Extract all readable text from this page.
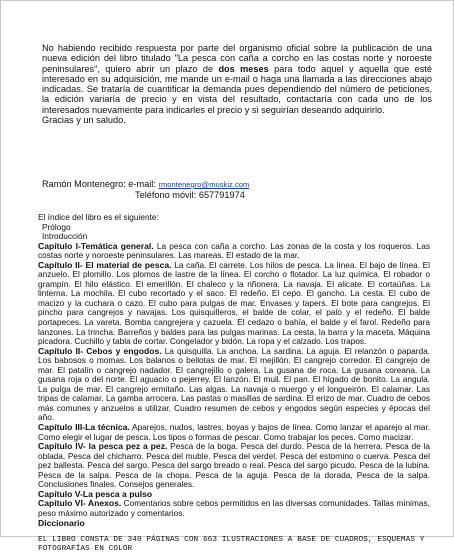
No habiendo recibido respuesta por parte del organismo oficial sobre la publicación de una nueva edición del libro titulado "La pesca con caña a corcho en las costas norte y noroeste peninsulares", quiero abrir un plazo de dos meses para todo aquel y aquella que esté interesado en su adquisición, me mande un e-mail o haga una llamada a las direcciones abajo indicadas. Se trataría de cuantificar la demanda pues dependiendo del número de peticiones, la edición variaría de precio y en vista del resultado, contactaría con cada uno de los interesados nuevamente para indicarles el precio y si seguirían deseando adquirirlo.
Gracias y un saludo.
Ramón Montenegro: e-mail: rmontenegro@muskiz.com
Teléfono móvil: 657791974
El índice del libro es el siguiente:
Prólogo
Introducción
Capítulo I-Temática general. La pesca con caña a corcho. Las zonas de la costa y los roqueros. Las costas norte y noroeste peninsulares. Las mareas. El estado de la mar.
Capítulo II- El material de pesca. La caña. El carrete. Los hilos de pesca. La línea. El bajo de línea. El anzuelo. El plomillo. Los plomos de lastre de la línea. El corcho o flotador. La luz química. El robador o grampín. El hilo elástico. El emerillón. El chaleco y la riñonera. La navaja. El alicate. El cortaúñas. La linterna. La mochila. El cubo recortado y el saco. El redeño. El cepo. El gancho. La cesta. El cubo de macizo y la cuchara o cazo. El cubo para pulgas de mar. Envases y tapers. El bote para cangrejos. El pincho para cangrejos y navajas. Los quisquilleros, el balde de colar, el palo y el redeño. El balde portapeces. La vareta. Bomba cangrejera y cazuela. El cedazo o bahía, el balde y el farol. Redeño para lanzones. La trincha. Barreños y baldes para las pulgas marinas. La cesta, la barra y la maceta. Máquina picadora. Cuchillo y tabla de cortar. Congelador y bidón. La ropa y el calzado. Los trapos.
Capítulo II- Cebos y engodos. La quisquilla. La anchoa. La sardina. La aguja. El relanzón o paparda. Los babosos o momas. Los balanos o bellotas de mar. El mejillón. El cangrejo corredor. El cangrejo de mar. El patalín o cangrejo nadador. El cangrejillo o galera. La gusana de roca. La gusana coreana. La gusana roja o del norte. El aguacio o pejerrey. El lanzón. El muil. El pan. El hígado de bonito. La angula. La pulga de mar. El cangrejo ermitaño. Las algas. La navaja o muergo y el longueirón. El calamar. Las tripas de calamar. La gamba arrocera. Las pastas o masillas de sardina. El erizo de mar. Cuadro de cebos más comunes y anzuelos a utilizar. Cuadro resumen de cebos y engodos según especies y épocas del año.
Capítulo III-La técnica. Aparejos, nudos, lastres, boyas y bajos de línea. Como lanzar el aparejo al mar. Como elegir el lugar de pesca. Los tipos o formas de pescar. Como trabajar los peces. Como macizar.
Capítulo IV- la pesca pez a pez. Pesca de la boga. Pesca del durdo. Pesca de la herrera. Pesca de la oblada. Pesca del chicharro. Pesca del muble. Pesca del verdel. Pesca del estornino o cuerva. Pesca del pez ballesta. Pesca del sargo. Pesca del sargo breado o real. Pesca del sargo picudo. Pesca de la lubina. Pesca de la salpa. Pesca de la chopa. Pesca de la aguja. Pesca de la dorada, Pesca de la salpa. Conclusiones finales. Consejos generales.
Capítulo V-La pesca a pulso
Capítulo VI- Anexos. Comentarios sobre cebos permitidos en las diversas comunidades. Tallas mínimas, peso máximo autorizado y comentarios.
Diccionario
EL LIBRO CONSTA DE 340 PÁGINAS CON 663 ILUSTRACIONES A BASE DE CUADROS, ESQUEMAS Y FOTOGRAFÍAS EN COLOR
